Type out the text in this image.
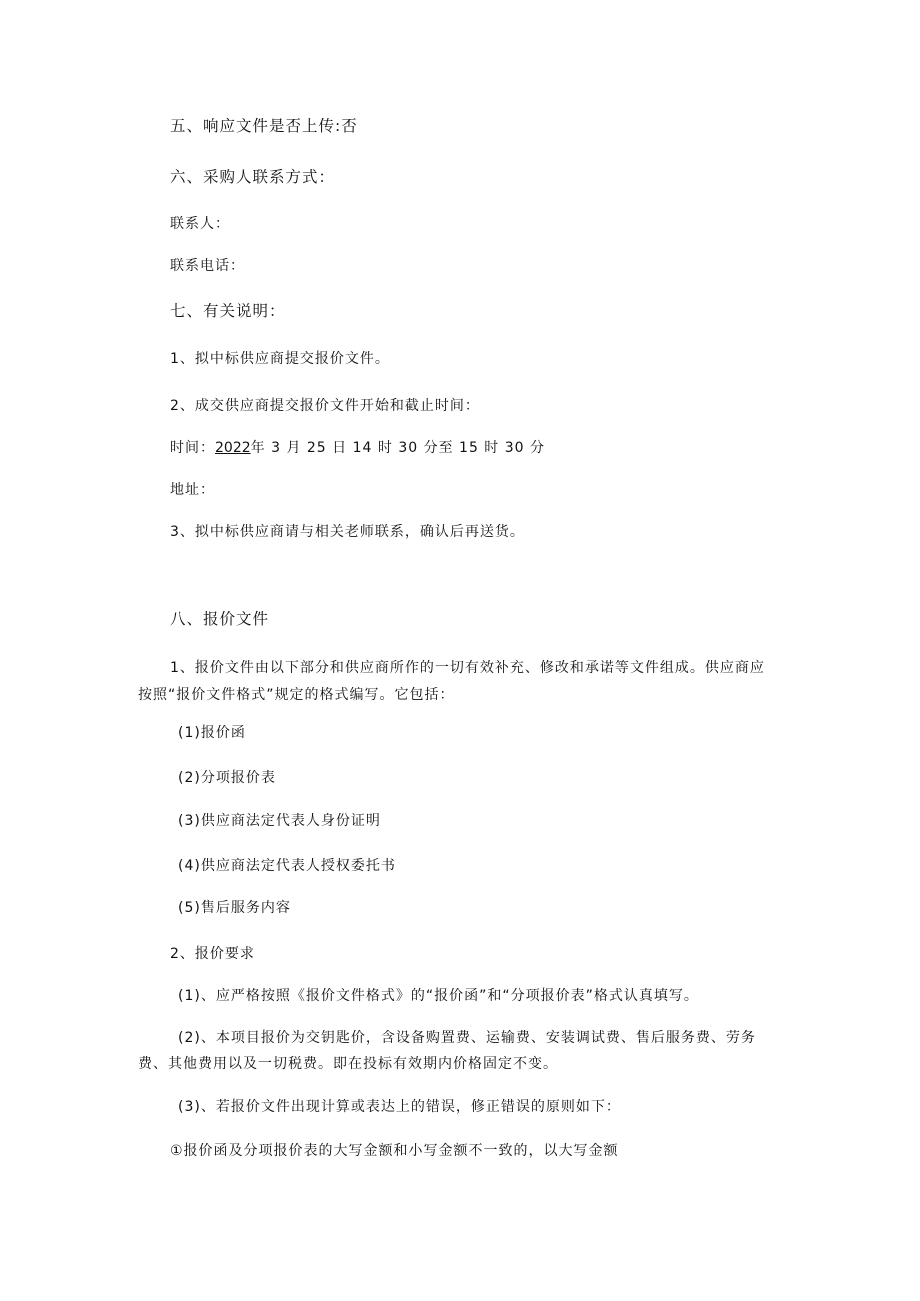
五、响应文件是否上传:否
六、采购人联系方式：
联系人：
联系电话：
七、有关说明：
1、拟中标供应商提交报价文件。
2、成交供应商提交报价文件开始和截止时间：
时间：2022年 3 月 25 日 14 时 30 分至 15 时 30 分
地址：
3、拟中标供应商请与相关老师联系，确认后再送货。
八、报价文件
1、报价文件由以下部分和供应商所作的一切有效补充、修改和承诺等文件组成。供应商应
按照“报价文件格式”规定的格式编写。它包括：
(1)报价函
(2)分项报价表
(3)供应商法定代表人身份证明
(4)供应商法定代表人授权委托书
(5)售后服务内容
2、报价要求
(1)、应严格按照《报价文件格式》的“报价函”和“分项报价表”格式认真填写。
(2)、本项目报价为交钥匙价，含设备购置费、运输费、安装调试费、售后服务费、劳务
费、其他费用以及一切税费。即在投标有效期内价格固定不变。
(3)、若报价文件出现计算或表达上的错误，修正错误的原则如下：
①报价函及分项报价表的大写金额和小写金额不一致的，以大写金额
